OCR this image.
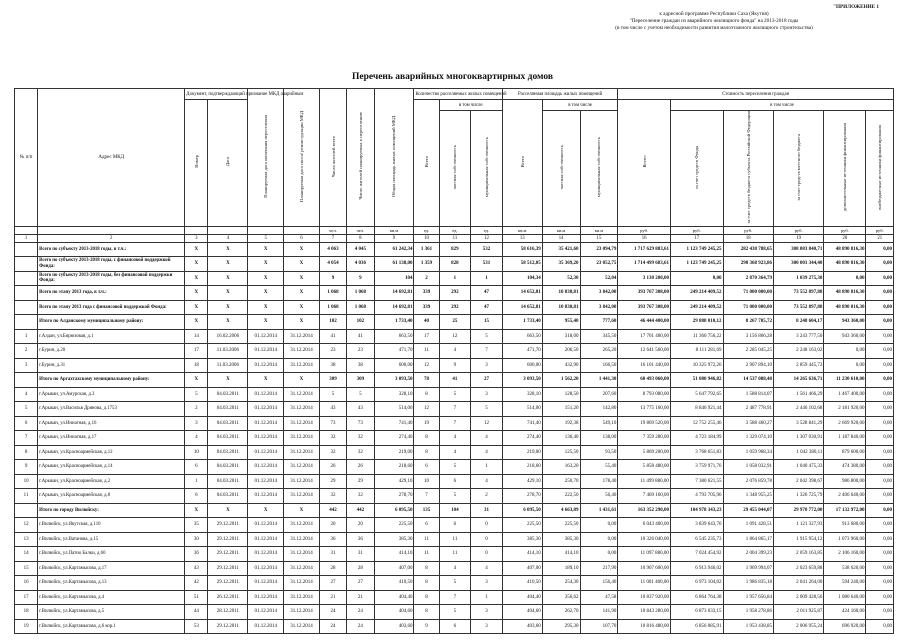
"ПРИЛОЖЕНИЕ 1
к адресной программе Республики Саха (Якутия)
"Переселение граждан из аварийного жилищного фонда" на 2013-2018 годы
(в том числе с учетом необходимости развития малоэтажного жилищного строительства)
Перечень аварийных многоквартирных домов
№ п/п	Адрес МКД	Документ, подтверждающий признание МКД аварийным		Планируемая дата окончания переселения	Планируемая дата сноса/ реконструкции МКД	Число жителей всего	Число жителей планируемых к переселению	Общая площадь жилых помещений МКД	Количество расселяемых жилых помещений			Расселяемая площадь жилых помещений			Стоимость переселения граждан					
		Номер	Дата						Всего	в том числе		Всего	в том числе		Всего:	в том числе				
										частная собственность	муниципальная собственность		частная собственность	муниципальная собственность		за счет средств Фонда	за счет средств бюджета субъекта Российской Федерации	за счет средств местного бюджета	дополнительные источники финансирования	внебюджетные источники финансирования
						чел.	чел.	кв.м	ед.	ед.	ед.	кв.м	кв.м	кв.м	руб.	руб.	руб.	руб.	руб.	руб.
1	2	3	4	5	6	7	8	9	10	11	12	13	14	15	16	17	18	19	20	21
	Всего по субъекту 2013-2018 годы, в т.ч.:	X	X	X	X	4 063	4 045	61 242,34	1 361	829	532	58 616,39	35 421,60	23 094,79	1 717 629 883,61	1 123 749 245,25	282 438 788,65	308 083 840,71	48 890 816,30	0,00
	Всего по субъекту 2013-2018 годы, с финансовой поддержкой Фонда:	X	X	X	X	4 054	4 036	61 138,00	1 359	828	531	58 512,05	35 369,20	23 052,75	1 714 499 683,61	1 123 749 245,25	290 368 923,86	300 001 344,40	48 890 816,30	0,00
	Всего по субъекту 2013-2018 годы, без финансовой поддержки Фонда:	X	X	X	X	9	9	104	2	1	1	104,34	52,30	52,04	3 130 200,00	0,00	2 870 364,79	1 039 275,30	0,00	0,00
	Всего по этапу 2013 года, в т.ч.:	X	X	X	X	1 068	1 068	14 692,81	339	292	47	14 652,81	10 830,81	3 842,00	393 767 308,00	249 214 409,52	71 000 000,00	73 552 897,88	48 890 816,30	0,00
	Всего по этапу 2013 года с финансовой поддержкой Фонда:	X	X	X	X	1 068	1 068	14 692,81	339	292	47	14 652,81	10 830,81	3 842,00	393 767 308,00	249 214 409,52	71 000 000,00	73 552 897,88	48 890 816,30	0,00
	Итого по Алданскому муниципальному району:	X	X	X	X	102	102	1 733,40	40	25	15	1 733,40	955,40	777,60	46 444 400,00	29 888 010,12	8 267 785,72	8 248 604,17	943 360,00	0,00
1	г.Алдан, ул.Бирюзовая, д.1	14	16.02.2006	01.12.2014	31.12.2014	41	41	663,50	17	12	5	663,50	318,00	345,50	17 701 400,00	11 360 756,22	3 156 866,28	3 243 777,50	943 360,00	0,00
2	г.Бурин, д.20	17	11.03.2006	01.12.2014	31.12.2014	23	23	471,70	11	4	7	471,70	206,50	265,20	12 641 560,00	8 111 281,69	2 285 045,25	2 248 163,02	0,00	0,00
3	г.Бурин, д.31	18	11.03.2006	01.12.2014	31.12.2014	38	38	600,00	12	9	3	600,00	432,90	166,50	16 101 440,00	10 325 972,26	2 907 894,10	2 859 445,72	0,00	0,00
	Итого по Аргахтахскому муниципальному району:	X	X	X	X	309	309	3 093,50	78	41	27	3 093,50	1 562,20	1 441,30	60 493 060,00	51 080 946,82	14 537 088,48	14 265 636,71	11 230 610,00	0,00
4	г.Арыкан, ул.Амурская, д.3	5	04.03.2011	01.12.2014	31.12.2014	5	5	328,10	8	5	3	328,10	128,50	207,60	8 793 080,00	5 647 792,65	1 588 814,07	1 561 466,29	1 467 400,00	0,00
5	г.Арыкан, ул.Васильв Дрянова, д.1753	2	04.03.2011	01.12.2014	31.12.2014	43	43	514,00	12	7	5	514,00	151,20	142,80	13 775 160,00	8 846 921,44	2 487 778,91	2 446 102,68	2 181 920,00	0,00
6	г.Арыкан, ул.Иннагная, д.16	3	04.03.2011	01.12.2014	31.12.2014	73	73	741,40	19	7	12	741,40	192,38	549,10	19 869 520,00	12 752 255,46	3 588 460,27	3 528 841,29	2 669 920,00	0,00
7	г.Арыкан, ул.Иннагная, д.17	4	04.03.2011	01.12.2014	31.12.2014	32	32	274,40	8	4	4	274,40	136,40	138,00	7 359 280,00	4 723 184,99	1 329 074,10	1 307 030,91	1 187 840,00	0,00
8	г.Арыкан, ул.Красноармейская, д.12	10	04.03.2011	01.12.2014	31.12.2014	32	32	219,00	8	4	4	219,00	125,50	93,50	5 869 200,00	3 768 651,83	1 059 968,34	1 042 380,11	879 600,00	0,00
9	г.Арыкан, ул.Красноармейская, д.14	6	04.03.2011	01.12.2014	31.12.2014	26	26	218,60	6	5	1	218,60	163,20	55,40	5 858 480,00	3 759 971,76	1 058 032,91	1 040 475,33	474 380,00	0,00
10	г.Арыкан, ул.Красноармейская, д.2	1	04.03.2011	01.12.2014	31.12.2014	29	29	429,10	10	6	4	429,10	250,70	178,40	11 499 880,00	7 380 621,55	2 076 859,78	2 042 398,67	986 800,00	0,00
11	г.Арыкан, ул.Красноармейская, д.8	6	04.03.2011	01.12.2014	31.12.2014	32	32	278,70	7	5	2	278,70	222,50	56,40	7 469 160,00	4 793 705,96	1 348 955,25	1 326 725,79	2 406 640,00	0,00
	Итого по городу Вилюйску:	X	X	X	X	442	442	6 095,50	135	104	31	6 095,50	4 663,89	1 431,61	163 352 290,00	104 978 343,23	29 455 044,07	29 970 772,00	17 132 972,00	0,00
12	г.Вилюйск, ул.Якутская, д.110	35	29.12.2011	01.12.2014	31.12.2014	20	20	225,50	6	6	0	225,50	225,50	0,00	6 043 400,00	3 839 643,76	1 091 428,51	1 121 327,93	913 680,00	0,00
13	г.Вилюйск, ул.Ватанова, д.15	30	29.12.2011	01.12.2014	31.12.2014	36	36	385,30	11	11	0	385,30	385,30	0,00	10 326 040,00	6 545 235,73	1 864 865,17	1 915 954,12	1 073 960,00	0,00
14	г.Вилюйск, ул.Патио Балки, д.60	36	29.12.2011	01.12.2014	31.12.2014	31	31	414,10	11	11	0	414,10	414,10	0,00	11 097 880,00	7 024 454,92	2 004 399,23	2 059 163,85	2 106 160,00	0,00
15	г.Вилюйск, ул.Картамысова, д.17	43	29.12.2011	01.12.2014	31.12.2014	28	28	407,00	8	4	4	407,00	189,10	217,90	10 907 600,00	6 913 946,02	1 969 994,07	2 023 659,88	538 620,00	0,00
16	г.Вилюйск, ул.Картамысова, д.13	42	29.12.2011	01.12.2014	31.12.2014	27	27	410,50	8	5	3	410,50	254,30	156,40	11 001 400,00	6 973 104,02	1 986 835,18	2 041 264,00	594 240,00	0,00
17	г.Вилюйск, ул.Картамысова, д.4	51	26.12.2011	01.12.2014	31.12.2014	21	21	404,40	8	7	1	404,40	356,62	47,58	10 837 920,00	6 864 764,38	1 957 656,84	2 009 428,56	1 080 640,00	0,00
18	г.Вилюйск, ул.Картамысова, д.5	44	28.12.2011	01.12.2014	31.12.2014	24	24	404,60	8	5	3	404,60	262,70	141,90	10 843 280,00	6 873 033,15	1 958 278,86	2 011 925,87	424 160,00	0,00
19	г.Вилюйск, ул.Картамысова, д.6 кор.1	53	29.12.2011	01.12.2014	31.12.2014	24	24	403,60	9	6	3	403,60	295,30	107,70	10 816 480,00	6 856 085,91	1 953 438,85	2 006 955,24	696 920,00	0,00
